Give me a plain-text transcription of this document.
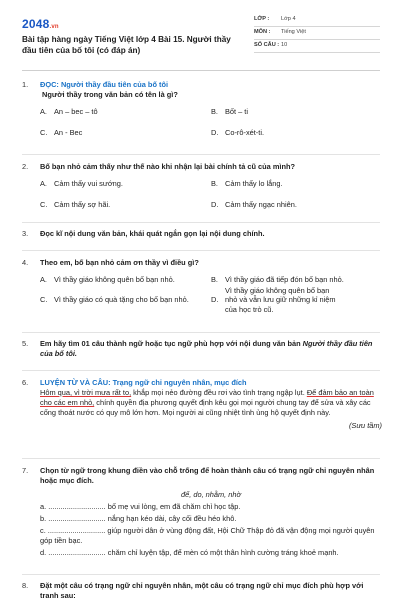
2048.vn
Bài tập hàng ngày Tiếng Việt lớp 4 Bài 15. Người thầy đầu tiên của bố tôi (có đáp án)
LỚP :	Lớp 4
MÔN :	Tiếng Việt
SỐ CÂU : 10
1.	ĐỌC: Người thầy đầu tiên của bố tôi
Người thầy trong văn bản có tên là gì?
A. An – bec – tô	B. Bốt – ti
C. An - Bec	D. Co-rô-xét-ti.
2.	Bố bạn nhỏ cảm thấy như thế nào khi nhận lại bài chính tả cũ của mình?
A. Cảm thấy vui sướng.	B. Cảm thấy lo lắng.
C. Cảm thấy sợ hãi.	D. Cảm thấy ngạc nhiên.
3.	Đọc kĩ nội dung văn bản, khái quát ngắn gọn lại nội dung chính.
4.	Theo em, bố bạn nhỏ cảm ơn thầy vì điều gì?
A. Vì thầy giáo không quên bố bạn nhỏ.	B. Vì thầy giáo đã tiếp đón bố bạn nhỏ.
C. Vì thầy giáo có quà tặng cho bố bạn nhỏ.	D.
Vì thầy giáo không quên bố bạn nhỏ và vẫn lưu giữ những kỉ niệm của học trò cũ.
5.	Em hãy tìm 01 câu thành ngữ hoặc tục ngữ phù hợp với nội dung văn bản Người thầy đầu tiên của bố tôi.
6.	LUYỆN TỪ VÀ CÂU: Trạng ngữ chỉ nguyên nhân, mục đích
Hôm qua, vì trời mưa rất to, khắp mọi nẻo đường đều rơi vào tình trạng ngập lụt. Để đảm bảo an toàn cho các em nhỏ, chính quyền địa phương quyết định kêu gọi mọi người chung tay để sửa và xây các cống thoát nước có quy mô lớn hơn. Mọi người ai cũng nhiệt tình ủng hộ quyết định này.
(Sưu tầm)
7.	Chọn từ ngữ trong khung điền vào chỗ trống để hoàn thành câu có trạng ngữ chỉ nguyên nhân hoặc mục đích.
để, do, nhằm, nhờ
a. ............................ bố mẹ vui lòng, em đã chăm chỉ học tập.
b. ............................ nắng hạn kéo dài, cây cối đều héo khô.
c. ............................ giúp người dân ở vùng động đất, Hội Chữ Thập đỏ đã vận động mọi người quyên góp tiền bạc.
d. ............................ chăm chỉ luyện tập, để mèn có một thân hình cường tráng khoẻ mạnh.
8.	Đặt một câu có trạng ngữ chỉ nguyên nhân, một câu có trạng ngữ chỉ mục đích phù hợp với tranh sau:
